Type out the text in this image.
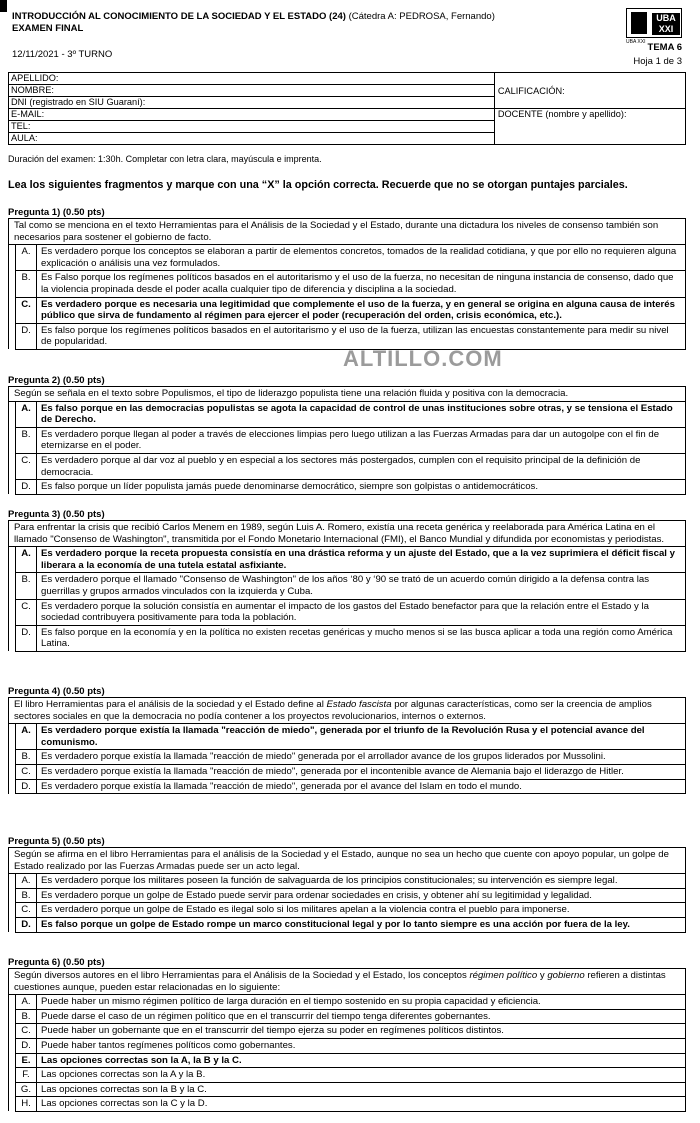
INTRODUCCIÓN AL CONOCIMIENTO DE LA SOCIEDAD Y EL ESTADO (24) (Cátedra A: PEDROSA, Fernando)
EXAMEN FINAL
12/11/2021 - 3º TURNO
UBA
XXI
UBA XXI TEMA 6
Hoja 1 de 3
APELLIDO:	CALIFICACIÓN:
NOMBRE:	
DNI (registrado en SIU Guaraní):	
E-MAIL:	DOCENTE (nombre y apellido):
TEL:	
AULA:	
Duración del examen: 1:30h. Completar con letra clara, mayúscula e imprenta.
Lea los siguientes fragmentos y marque con una “X” la opción correcta. Recuerde que no se otorgan puntajes parciales.
Pregunta 1) (0.50 pts)
Tal como se menciona en el texto Herramientas para el Análisis de la Sociedad y el Estado, durante una dictadura los niveles de consenso también son necesarios para sostener el gobierno de facto.		
	A.	Es verdadero porque los conceptos se elaboran a partir de elementos concretos, tomados de la realidad cotidiana, y que por ello no requieren alguna explicación o análisis una vez formulados.
	B.	Es Falso porque los regímenes políticos basados en el autoritarismo y el uso de la fuerza, no necesitan de ninguna instancia de consenso, dado que la violencia propinada desde el poder acalla cualquier tipo de diferencia y disciplina a la sociedad.
	C.	Es verdadero porque es necesaria una legitimidad que complemente el uso de la fuerza, y en general se origina en alguna causa de interés público que sirva de fundamento al régimen para ejercer el poder (recuperación del orden, crisis económica, etc.).
	D.	Es falso porque los regímenes políticos basados en el autoritarismo y el uso de la fuerza, utilizan las encuestas constantemente para medir su nivel de popularidad.
ALTILLO.COM
Pregunta 2) (0.50 pts)
Según se señala en el texto sobre Populismos, el tipo de liderazgo populista tiene una relación fluida y positiva con la democracia.		
	A.	Es falso porque en las democracias populistas se agota la capacidad de control de unas instituciones sobre otras, y se tensiona el Estado de Derecho.
	B.	Es verdadero porque llegan al poder a través de elecciones limpias pero luego utilizan a las Fuerzas Armadas para dar un autogolpe con el fin de eternizarse en el poder.
	C.	Es verdadero porque al dar voz al pueblo y en especial a los sectores más postergados, cumplen con el requisito principal de la definición de democracia.
	D.	Es falso porque un líder populista jamás puede denominarse democrático, siempre son golpistas o antidemocráticos.
Pregunta 3) (0.50 pts)
Para enfrentar la crisis que recibió Carlos Menem en 1989, según Luis A. Romero, existía una receta genérica y reelaborada para América Latina en el llamado "Consenso de Washington", transmitida por el Fondo Monetario Internacional (FMI), el Banco Mundial y difundida por economistas y periodistas.		
	A.	Es verdadero porque la receta propuesta consistía en una drástica reforma y un ajuste del Estado, que a la vez suprimiera el déficit fiscal y liberara a la economía de una tutela estatal asfixiante.
	B.	Es verdadero porque el llamado "Consenso de Washington" de los años ‘80 y ‘90 se trató de un acuerdo común dirigido a la defensa contra las guerrillas y grupos armados vinculados con la izquierda y Cuba.
	C.	Es verdadero porque la solución consistía en aumentar el impacto de los gastos del Estado benefactor para que la relación entre el Estado y la sociedad contribuyera positivamente para toda la población.
	D.	Es falso porque en la economía y en la política no existen recetas genéricas y mucho menos si se las busca aplicar a toda una región como América Latina.
Pregunta 4) (0.50 pts)
El libro Herramientas para el análisis de la sociedad y el Estado define al Estado fascista por algunas características, como ser la creencia de amplios sectores sociales en que la democracia no podía contener a los proyectos revolucionarios, internos o externos.		
	A.	Es verdadero porque existía la llamada "reacción de miedo", generada por el triunfo de la Revolución Rusa y el potencial avance del comunismo.
	B.	Es verdadero porque existía la llamada "reacción de miedo" generada por el arrollador avance de los grupos liderados por Mussolini.
	C.	Es verdadero porque existía la llamada "reacción de miedo", generada por el incontenible avance de Alemania bajo el liderazgo de Hitler.
	D.	Es verdadero porque existía la llamada "reacción de miedo", generada por el avance del Islam en todo el mundo.
Pregunta 5) (0.50 pts)
Según se afirma en el libro Herramientas para el análisis de la Sociedad y el Estado, aunque no sea un hecho que cuente con apoyo popular, un golpe de Estado realizado por las Fuerzas Armadas puede ser un acto legal.		
	A.	Es verdadero porque los militares poseen la función de salvaguarda de los principios constitucionales; su intervención es siempre legal.
	B.	Es verdadero porque un golpe de Estado puede servir para ordenar sociedades en crisis, y obtener ahí su legitimidad y legalidad.
	C.	Es verdadero porque un golpe de Estado es ilegal solo si los militares apelan a la violencia contra el pueblo para imponerse.
	D.	Es falso porque un golpe de Estado rompe un marco constitucional legal y por lo tanto siempre es una acción por fuera de la ley.
Pregunta 6) (0.50 pts)
Según diversos autores en el libro Herramientas para el Análisis de la Sociedad y el Estado, los conceptos régimen político y gobierno refieren a distintas cuestiones aunque, pueden estar relacionadas en lo siguiente:		
	A.	Puede haber un mismo régimen político de larga duración en el tiempo sostenido en su propia capacidad y eficiencia.
	B.	Puede darse el caso de un régimen político que en el transcurrir del tiempo tenga diferentes gobernantes.
	C.	Puede haber un gobernante que en el transcurrir del tiempo ejerza su poder en regímenes políticos distintos.
	D.	Puede haber tantos regímenes políticos como gobernantes.
	E.	Las opciones correctas son la A, la B y la C.
	F.	Las opciones correctas son la A y la B.
	G.	Las opciones correctas son la B y la C.
	H.	Las opciones correctas son la C y la D.
